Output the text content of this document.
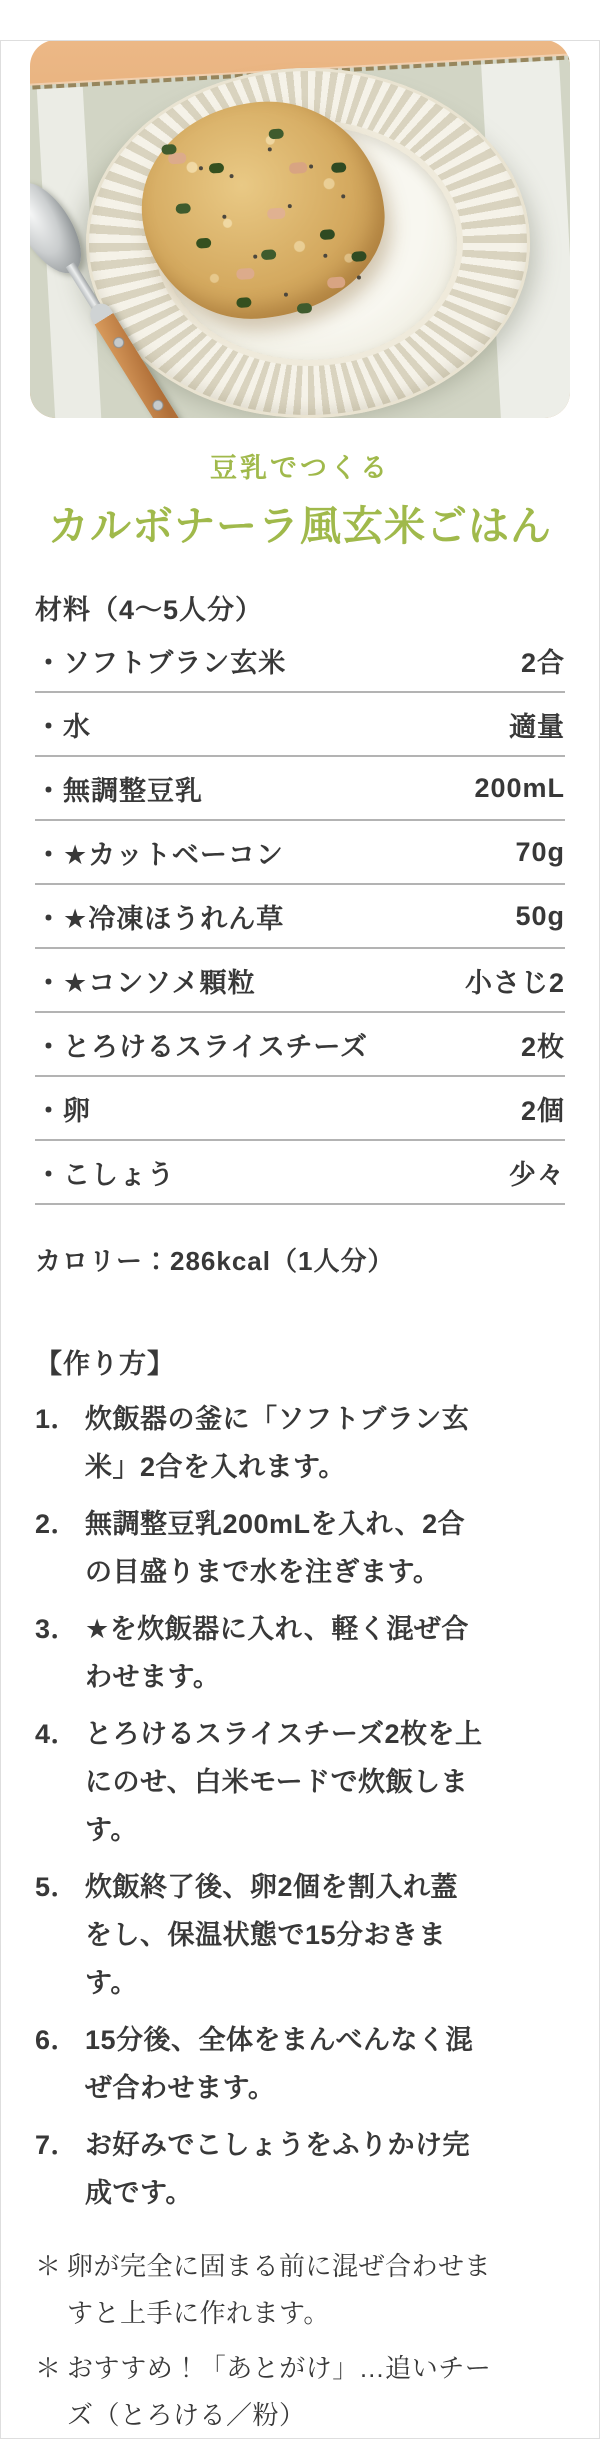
豆乳でつくる
カルボナーラ風玄米ごはん
材料（4～5人分）
・ソフトブラン玄米	2合
・水	適量
・無調整豆乳	200mL
・★カットベーコン	70g
・★冷凍ほうれん草	50g
・★コンソメ顆粒	小さじ2
・とろけるスライスチーズ	2枚
・卵	2個
・こしょう	少々
カロリー：286kcal（1人分）
【作り方】
1． 炊飯器の釜に「ソフトブラン玄米」2合を入れます。
2． 無調整豆乳200mLを入れ、2合の目盛りまで水を注ぎます。
3． ★を炊飯器に入れ、軽く混ぜ合わせます。
4． とろけるスライスチーズ2枚を上にのせ、白米モードで炊飯します。
5． 炊飯終了後、卵2個を割入れ蓋をし、保温状態で15分おきます。
6． 15分後、全体をまんべんなく混ぜ合わせます。
7． お好みでこしょうをふりかけ完成です。
＊ 卵が完全に固まる前に混ぜ合わせますと上手に作れます。
＊ おすすめ！「あとがけ」…追いチーズ（とろける／粉）
